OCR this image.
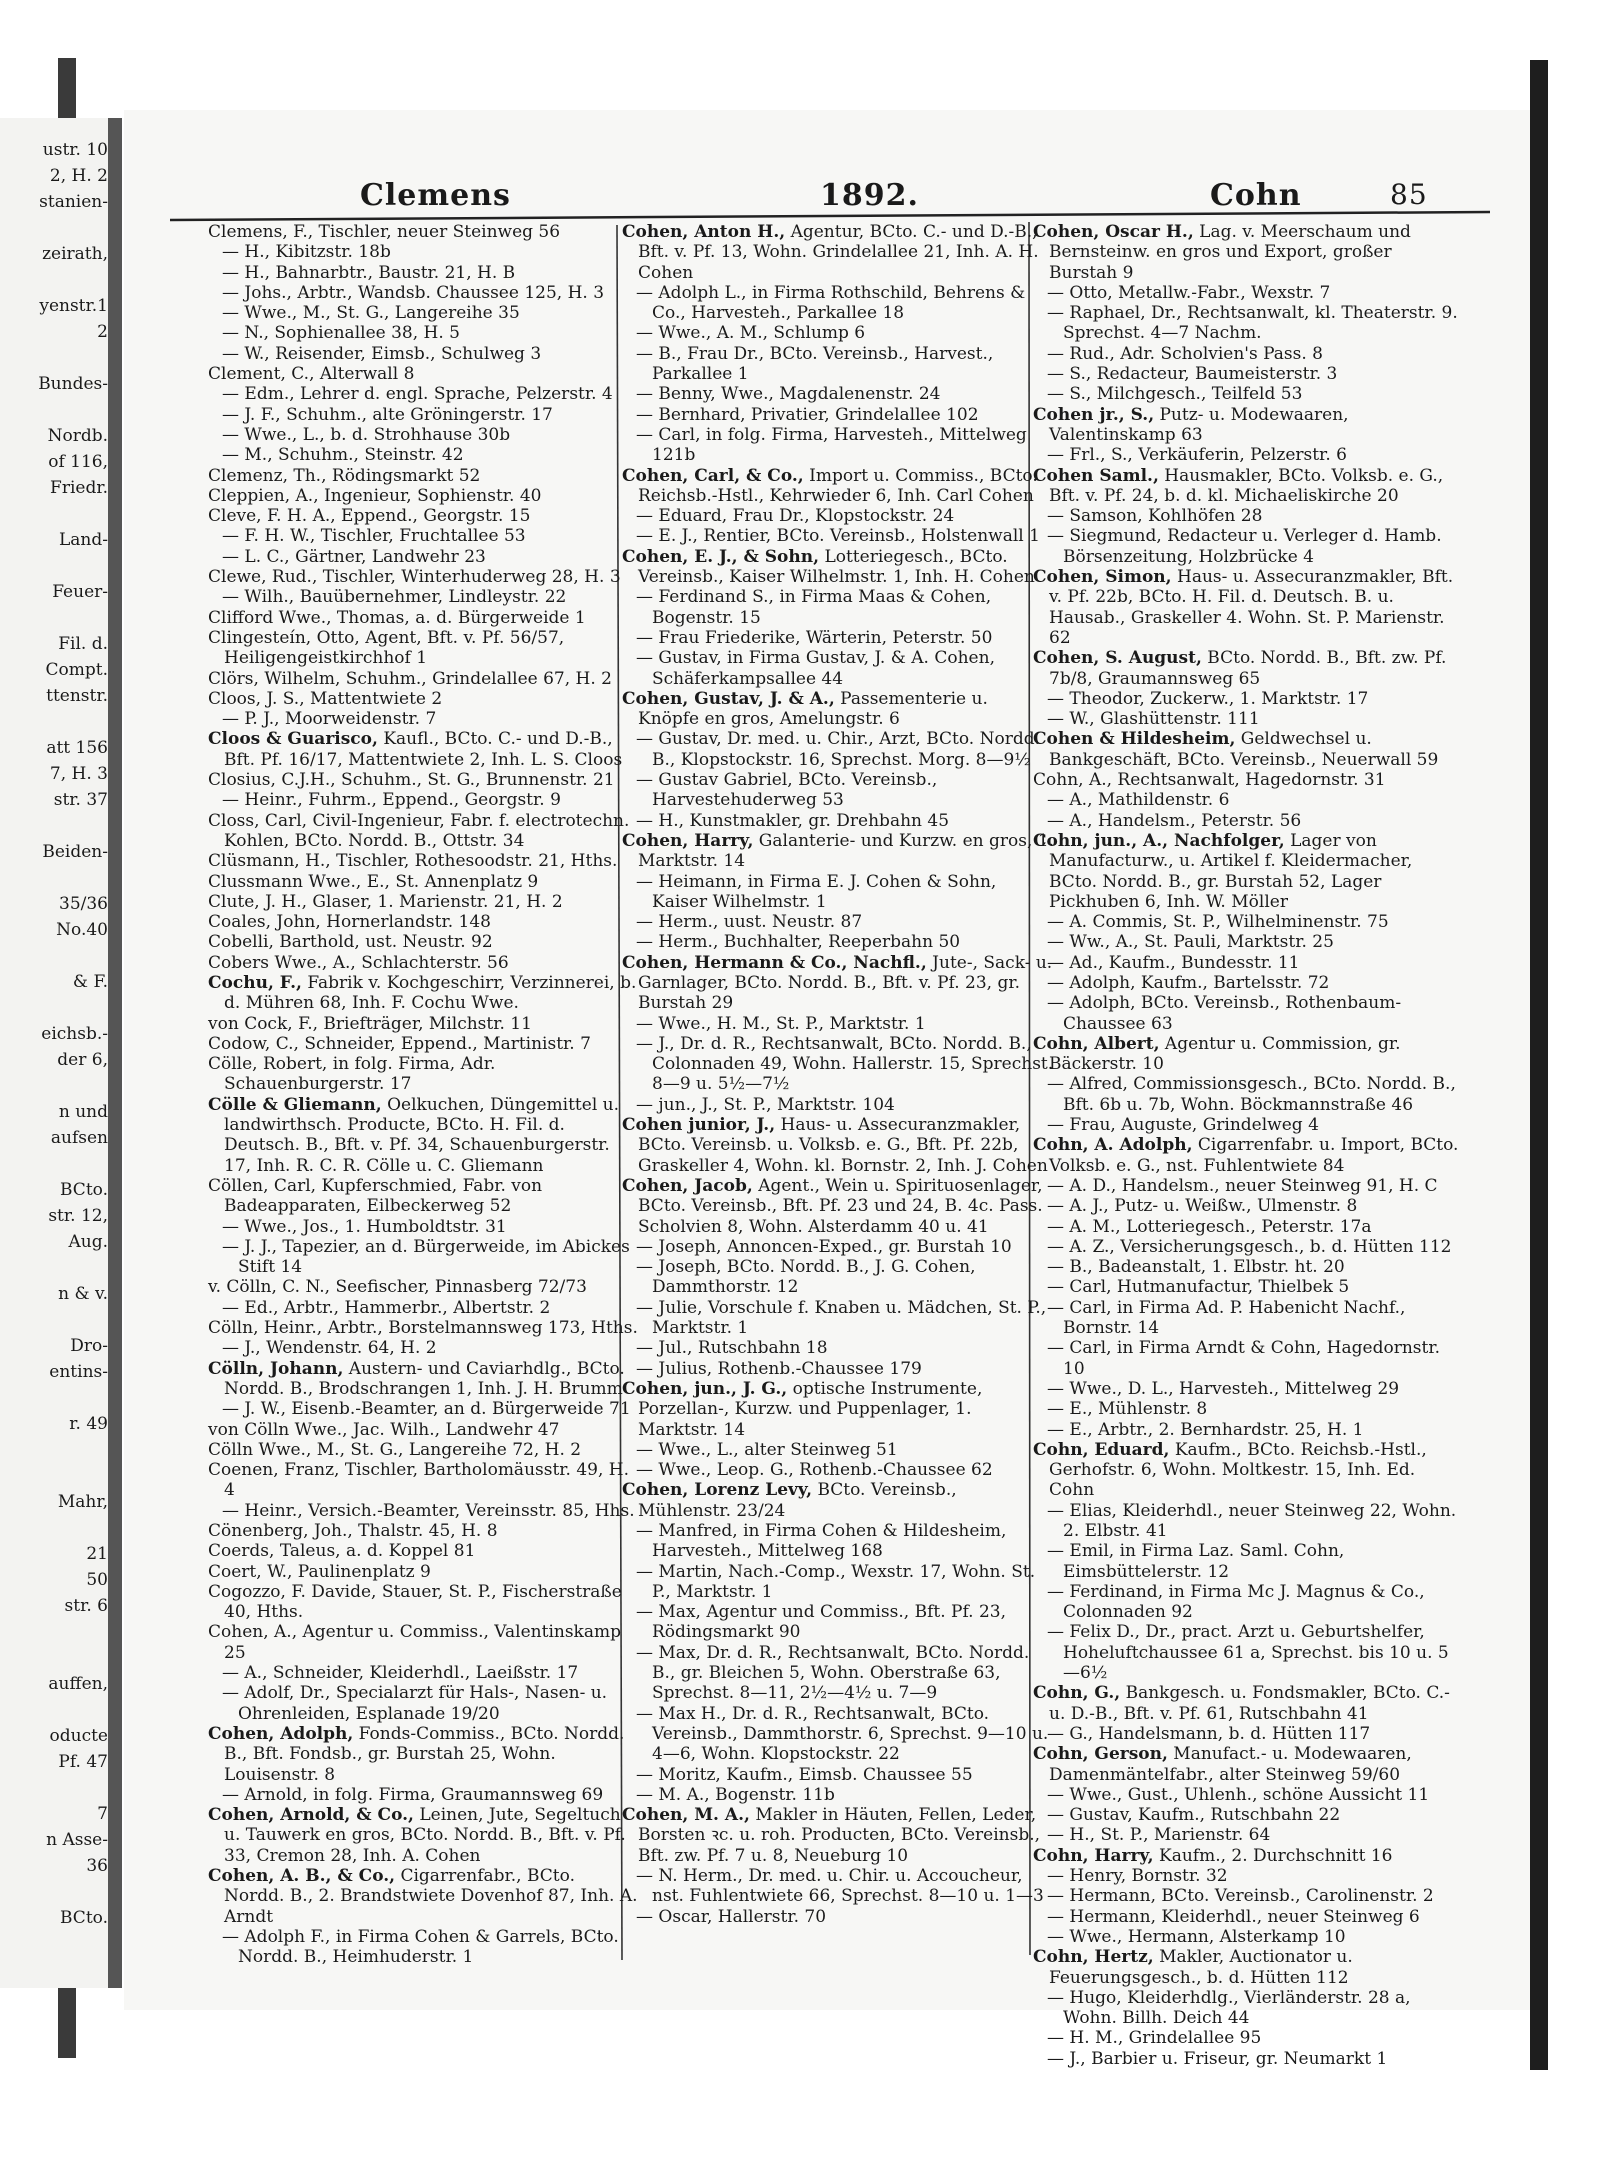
ustr. 10
2, H. 2
stanien-
zeirath,
yenstr.1
2
Bundes-
Nordb.
of 116,
Friedr.
Land-
Feuer-
Fil. d.
Compt.
ttenstr.
att 156
7, H. 3
str. 37
Beiden-
35/36
No.40
& F.
eichsb.-
der 6,
n und
aufsen
BCto.
str. 12,
Aug.
n & v.
Dro-
entins-
r. 49
Mahr,
21
50
str. 6
auffen,
oducte
Pf. 47
7
n Asse-
36
BCto.
Clemens	1892.	Cohn	85

Clemens, F., Tischler, neuer Steinweg 56

— H., Kibitzstr. 18b

— H., Bahnarbtr., Baustr. 21, H. B

— Johs., Arbtr., Wandsb. Chaussee 125, H. 3

— Wwe., M., St. G., Langereihe 35

— N., Sophienallee 38, H. 5

— W., Reisender, Eimsb., Schulweg 3

Clement, C., Alterwall 8

— Edm., Lehrer d. engl. Sprache, Pelzerstr. 4

— J. F., Schuhm., alte Gröningerstr. 17

— Wwe., L., b. d. Strohhause 30b

— M., Schuhm., Steinstr. 42

Clemenz, Th., Rödingsmarkt 52

Cleppien, A., Ingenieur, Sophienstr. 40

Cleve, F. H. A., Eppend., Georgstr. 15

— F. H. W., Tischler, Fruchtallee 53

— L. C., Gärtner, Landwehr 23

Clewe, Rud., Tischler, Winterhuderweg 28, H. 3

— Wilh., Bauübernehmer, Lindleystr. 22

Clifford Wwe., Thomas, a. d. Bürgerweide 1

Clingesteín, Otto, Agent, Bft. v. Pf. 56/57, Heiligengeistkirchhof 1

Clörs, Wilhelm, Schuhm., Grindelallee 67, H. 2

Cloos, J. S., Mattentwiete 2

— P. J., Moorweidenstr. 7

Cloos & Guarisco, Kaufl., BCto. C.- und D.-B., Bft. Pf. 16/17, Mattentwiete 2, Inh. L. S. Cloos

Closius, C.J.H., Schuhm., St. G., Brunnenstr. 21

— Heinr., Fuhrm., Eppend., Georgstr. 9

Closs, Carl, Civil-Ingenieur, Fabr. f. electrotechn. Kohlen, BCto. Nordd. B., Ottstr. 34

Clüsmann, H., Tischler, Rothesoodstr. 21, Hths.

Clussmann Wwe., E., St. Annenplatz 9

Clute, J. H., Glaser, 1. Marienstr. 21, H. 2

Coales, John, Hornerlandstr. 148

Cobelli, Barthold, ust. Neustr. 92

Cobers Wwe., A., Schlachterstr. 56

Cochu, F., Fabrik v. Kochgeschirr, Verzinnerei, b. d. Mühren 68, Inh. F. Cochu Wwe.

von Cock, F., Briefträger, Milchstr. 11

Codow, C., Schneider, Eppend., Martinistr. 7

Cölle, Robert, in folg. Firma, Adr. Schauenburgerstr. 17

Cölle & Gliemann, Oelkuchen, Düngemittel u. landwirthsch. Producte, BCto. H. Fil. d. Deutsch. B., Bft. v. Pf. 34, Schauenburgerstr. 17, Inh. R. C. R. Cölle u. C. Gliemann

Cöllen, Carl, Kupferschmied, Fabr. von Badeapparaten, Eilbeckerweg 52

— Wwe., Jos., 1. Humboldtstr. 31

— J. J., Tapezier, an d. Bürgerweide, im Abickes Stift 14

v. Cölln, C. N., Seefischer, Pinnasberg 72/73

— Ed., Arbtr., Hammerbr., Albertstr. 2

Cölln, Heinr., Arbtr., Borstelmannsweg 173, Hths.

— J., Wendenstr. 64, H. 2

Cölln, Johann, Austern- und Caviarhdlg., BCto. Nordd. B., Brodschrangen 1, Inh. J. H. Brumm

— J. W., Eisenb.-Beamter, an d. Bürgerweide 71

von Cölln Wwe., Jac. Wilh., Landwehr 47

Cölln Wwe., M., St. G., Langereihe 72, H. 2

Coenen, Franz, Tischler, Bartholomäusstr. 49, H. 4

— Heinr., Versich.-Beamter, Vereinsstr. 85, Hhs.

Cönenberg, Joh., Thalstr. 45, H. 8

Coerds, Taleus, a. d. Koppel 81

Coert, W., Paulinenplatz 9

Cogozzo, F. Davide, Stauer, St. P., Fischerstraße 40, Hths.

Cohen, A., Agentur u. Commiss., Valentinskamp 25

— A., Schneider, Kleiderhdl., Laeißstr. 17

— Adolf, Dr., Specialarzt für Hals-, Nasen- u. Ohrenleiden, Esplanade 19/20

Cohen, Adolph, Fonds-Commiss., BCto. Nordd. B., Bft. Fondsb., gr. Burstah 25, Wohn. Louisenstr. 8

— Arnold, in folg. Firma, Graumannsweg 69

Cohen, Arnold, & Co., Leinen, Jute, Segeltuch u. Tauwerk en gros, BCto. Nordd. B., Bft. v. Pf. 33, Cremon 28, Inh. A. Cohen

Cohen, A. B., & Co., Cigarrenfabr., BCto. Nordd. B., 2. Brandstwiete Dovenhof 87, Inh. A. Arndt

— Adolph F., in Firma Cohen & Garrels, BCto. Nordd. B., Heimhuderstr. 1

Cohen, Anton H., Agentur, BCto. C.- und D.-B., Bft. v. Pf. 13, Wohn. Grindelallee 21, Inh. A. H. Cohen

— Adolph L., in Firma Rothschild, Behrens & Co., Harvesteh., Parkallee 18

— Wwe., A. M., Schlump 6

— B., Frau Dr., BCto. Vereinsb., Harvest., Parkallee 1

— Benny, Wwe., Magdalenenstr. 24

— Bernhard, Privatier, Grindelallee 102

— Carl, in folg. Firma, Harvesteh., Mittelweg 121b

Cohen, Carl, & Co., Import u. Commiss., BCto. Reichsb.-Hstl., Kehrwieder 6, Inh. Carl Cohen

— Eduard, Frau Dr., Klopstockstr. 24

— E. J., Rentier, BCto. Vereinsb., Holstenwall 1

Cohen, E. J., & Sohn, Lotteriegesch., BCto. Vereinsb., Kaiser Wilhelmstr. 1, Inh. H. Cohen

— Ferdinand S., in Firma Maas & Cohen, Bogenstr. 15

— Frau Friederike, Wärterin, Peterstr. 50

— Gustav, in Firma Gustav, J. & A. Cohen, Schäferkampsallee 44

Cohen, Gustav, J. & A., Passementerie u. Knöpfe en gros, Amelungstr. 6

— Gustav, Dr. med. u. Chir., Arzt, BCto. Nordd. B., Klopstockstr. 16, Sprechst. Morg. 8—9½

— Gustav Gabriel, BCto. Vereinsb., Harvestehuderweg 53

— H., Kunstmakler, gr. Drehbahn 45

Cohen, Harry, Galanterie- und Kurzw. en gros, 1. Marktstr. 14

— Heimann, in Firma E. J. Cohen & Sohn, Kaiser Wilhelmstr. 1

— Herm., uust. Neustr. 87

— Herm., Buchhalter, Reeperbahn 50

Cohen, Hermann & Co., Nachfl., Jute-, Sack- u. Garnlager, BCto. Nordd. B., Bft. v. Pf. 23, gr. Burstah 29

— Wwe., H. M., St. P., Marktstr. 1

— J., Dr. d. R., Rechtsanwalt, BCto. Nordd. B., Colonnaden 49, Wohn. Hallerstr. 15, Sprechst. 8—9 u. 5½—7½

— jun., J., St. P., Marktstr. 104

Cohen junior, J., Haus- u. Assecuranzmakler, BCto. Vereinsb. u. Volksb. e. G., Bft. Pf. 22b, Graskeller 4, Wohn. kl. Bornstr. 2, Inh. J. Cohen

Cohen, Jacob, Agent., Wein u. Spirituosenlager, BCto. Vereinsb., Bft. Pf. 23 und 24, B. 4c. Pass. Scholvien 8, Wohn. Alsterdamm 40 u. 41

— Joseph, Annoncen-Exped., gr. Burstah 10

— Joseph, BCto. Nordd. B., J. G. Cohen, Dammthorstr. 12

— Julie, Vorschule f. Knaben u. Mädchen, St. P., Marktstr. 1

— Jul., Rutschbahn 18

— Julius, Rothenb.-Chaussee 179

Cohen, jun., J. G., optische Instrumente, Porzellan-, Kurzw. und Puppenlager, 1. Marktstr. 14

— Wwe., L., alter Steinweg 51

— Wwe., Leop. G., Rothenb.-Chaussee 62

Cohen, Lorenz Levy, BCto. Vereinsb., Mühlenstr. 23/24

— Manfred, in Firma Cohen & Hildesheim, Harvesteh., Mittelweg 168

— Martin, Nach.-Comp., Wexstr. 17, Wohn. St. P., Marktstr. 1

— Max, Agentur und Commiss., Bft. Pf. 23, Rödingsmarkt 90

— Max, Dr. d. R., Rechtsanwalt, BCto. Nordd. B., gr. Bleichen 5, Wohn. Oberstraße 63, Sprechst. 8—11, 2½—4½ u. 7—9

— Max H., Dr. d. R., Rechtsanwalt, BCto. Vereinsb., Dammthorstr. 6, Sprechst. 9—10 u. 4—6, Wohn. Klopstockstr. 22

— Moritz, Kaufm., Eimsb. Chaussee 55

— M. A., Bogenstr. 11b

Cohen, M. A., Makler in Häuten, Fellen, Leder, Borsten ꝛc. u. roh. Producten, BCto. Vereinsb., Bft. zw. Pf. 7 u. 8, Neueburg 10

— N. Herm., Dr. med. u. Chir. u. Accoucheur, nst. Fuhlentwiete 66, Sprechst. 8—10 u. 1—3

— Oscar, Hallerstr. 70

Cohen, Oscar H., Lag. v. Meerschaum und Bernsteinw. en gros und Export, großer Burstah 9

— Otto, Metallw.-Fabr., Wexstr. 7

— Raphael, Dr., Rechtsanwalt, kl. Theaterstr. 9. Sprechst. 4—7 Nachm.

— Rud., Adr. Scholvien's Pass. 8

— S., Redacteur, Baumeisterstr. 3

— S., Milchgesch., Teilfeld 53

Cohen jr., S., Putz- u. Modewaaren, Valentinskamp 63

— Frl., S., Verkäuferin, Pelzerstr. 6

Cohen Saml., Hausmakler, BCto. Volksb. e. G., Bft. v. Pf. 24, b. d. kl. Michaeliskirche 20

— Samson, Kohlhöfen 28

— Siegmund, Redacteur u. Verleger d. Hamb. Börsenzeitung, Holzbrücke 4

Cohen, Simon, Haus- u. Assecuranzmakler, Bft. v. Pf. 22b, BCto. H. Fil. d. Deutsch. B. u. Hausab., Graskeller 4. Wohn. St. P. Marienstr. 62

Cohen, S. August, BCto. Nordd. B., Bft. zw. Pf. 7b/8, Graumannsweg 65

— Theodor, Zuckerw., 1. Marktstr. 17

— W., Glashüttenstr. 111

Cohen & Hildesheim, Geldwechsel u. Bankgeschäft, BCto. Vereinsb., Neuerwall 59

Cohn, A., Rechtsanwalt, Hagedornstr. 31

— A., Mathildenstr. 6

— A., Handelsm., Peterstr. 56

Cohn, jun., A., Nachfolger, Lager von Manufacturw., u. Artikel f. Kleidermacher, BCto. Nordd. B., gr. Burstah 52, Lager Pickhuben 6, Inh. W. Möller

— A. Commis, St. P., Wilhelminenstr. 75

— Ww., A., St. Pauli, Marktstr. 25

— Ad., Kaufm., Bundesstr. 11

— Adolph, Kaufm., Bartelsstr. 72

— Adolph, BCto. Vereinsb., Rothenbaum-Chaussee 63

Cohn, Albert, Agentur u. Commission, gr. Bäckerstr. 10

— Alfred, Commissionsgesch., BCto. Nordd. B., Bft. 6b u. 7b, Wohn. Böckmannstraße 46

— Frau, Auguste, Grindelweg 4

Cohn, A. Adolph, Cigarrenfabr. u. Import, BCto. Volksb. e. G., nst. Fuhlentwiete 84

— A. D., Handelsm., neuer Steinweg 91, H. C

— A. J., Putz- u. Weißw., Ulmenstr. 8

— A. M., Lotteriegesch., Peterstr. 17a

— A. Z., Versicherungsgesch., b. d. Hütten 112

— B., Badeanstalt, 1. Elbstr. ht. 20

— Carl, Hutmanufactur, Thielbek 5

— Carl, in Firma Ad. P. Habenicht Nachf., Bornstr. 14

— Carl, in Firma Arndt & Cohn, Hagedornstr. 10

— Wwe., D. L., Harvesteh., Mittelweg 29

— E., Mühlenstr. 8

— E., Arbtr., 2. Bernhardstr. 25, H. 1

Cohn, Eduard, Kaufm., BCto. Reichsb.-Hstl., Gerhofstr. 6, Wohn. Moltkestr. 15, Inh. Ed. Cohn

— Elias, Kleiderhdl., neuer Steinweg 22, Wohn. 2. Elbstr. 41

— Emil, in Firma Laz. Saml. Cohn, Eimsbüttelerstr. 12

— Ferdinand, in Firma Mc J. Magnus & Co., Colonnaden 92

— Felix D., Dr., pract. Arzt u. Geburtshelfer, Hoheluftchaussee 61 a, Sprechst. bis 10 u. 5—6½

Cohn, G., Bankgesch. u. Fondsmakler, BCto. C.- u. D.-B., Bft. v. Pf. 61, Rutschbahn 41

— G., Handelsmann, b. d. Hütten 117

Cohn, Gerson, Manufact.- u. Modewaaren, Damenmäntelfabr., alter Steinweg 59/60

— Wwe., Gust., Uhlenh., schöne Aussicht 11

— Gustav, Kaufm., Rutschbahn 22

— H., St. P., Marienstr. 64

Cohn, Harry, Kaufm., 2. Durchschnitt 16

— Henry, Bornstr. 32

— Hermann, BCto. Vereinsb., Carolinenstr. 2

— Hermann, Kleiderhdl., neuer Steinweg 6

— Wwe., Hermann, Alsterkamp 10

Cohn, Hertz, Makler, Auctionator u. Feuerungsgesch., b. d. Hütten 112

— Hugo, Kleiderhdlg., Vierländerstr. 28 a, Wohn. Billh. Deich 44

— H. M., Grindelallee 95

— J., Barbier u. Friseur, gr. Neumarkt 1
